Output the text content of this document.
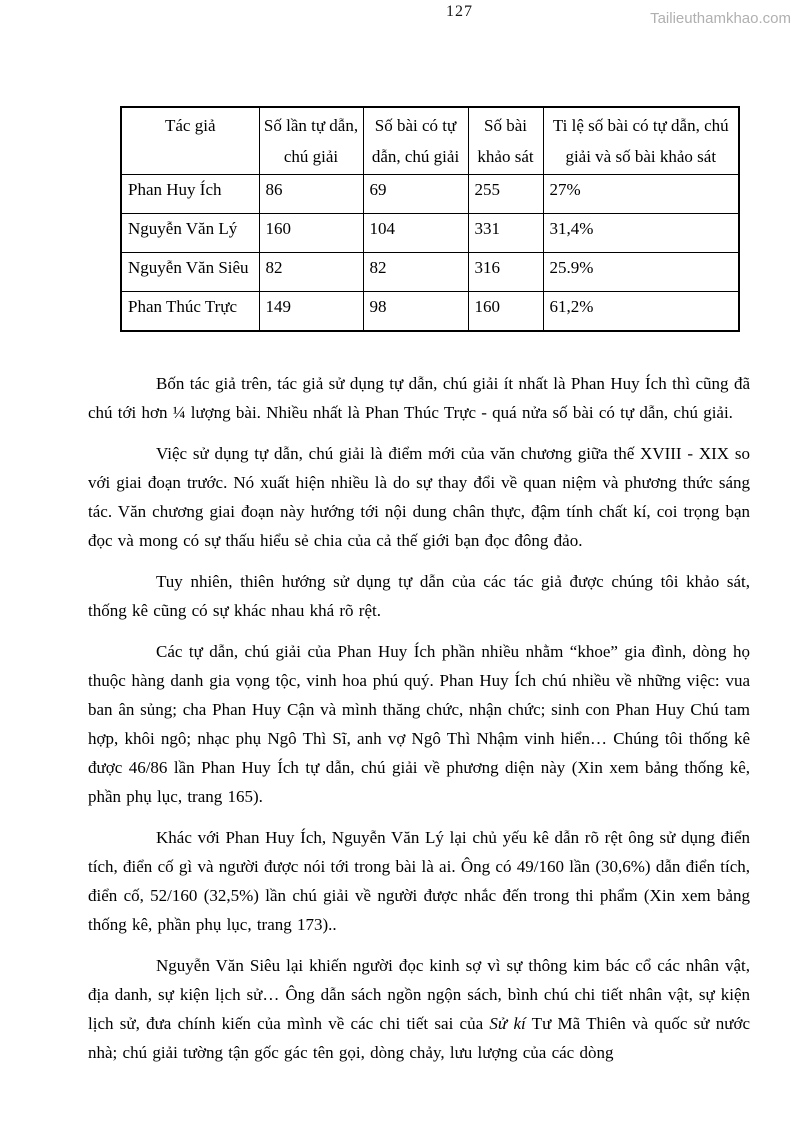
127	Tailieuthamkhao.com
Tác giả	Số lần tự dẫn, chú giải	Số bài có tự dẫn, chú giải	Số bài khảo sát	Ti lệ số bài có tự dẫn, chú giải và số bài khảo sát
Phan Huy Ích	86	69	255	27%
Nguyễn Văn Lý	160	104	331	31,4%
Nguyễn Văn Siêu	82	82	316	25.9%
Phan Thúc Trực	149	98	160	61,2%

Bốn tác giả trên, tác giả sử dụng tự dẫn, chú giải ít nhất là Phan Huy Ích thì cũng đã chú tới hơn ¼ lượng bài. Nhiều nhất là Phan Thúc Trực - quá nửa số bài có tự dẫn, chú giải.

Việc sử dụng tự dẫn, chú giải là điểm mới của văn chương giữa thế XVIII - XIX so với giai đoạn trước. Nó xuất hiện nhiều là do sự thay đổi về quan niệm và phương thức sáng tác. Văn chương giai đoạn này hướng tới nội dung chân thực, đậm tính chất kí, coi trọng bạn đọc và mong có sự thấu hiểu sẻ chia của cả thế giới bạn đọc đông đảo.

Tuy nhiên, thiên hướng sử dụng tự dẫn của các tác giả được chúng tôi khảo sát, thống kê cũng có sự khác nhau khá rõ rệt.

Các tự dẫn, chú giải của Phan Huy Ích phần nhiều nhằm “khoe” gia đình, dòng họ thuộc hàng danh gia vọng tộc, vinh hoa phú quý. Phan Huy Ích chú nhiều về những việc: vua ban ân sủng; cha Phan Huy Cận và mình thăng chức, nhận chức; sinh con Phan Huy Chú tam hợp, khôi ngô; nhạc phụ Ngô Thì Sĩ, anh vợ Ngô Thì Nhậm vinh hiển… Chúng tôi thống kê được 46/86 lần Phan Huy Ích tự dẫn, chú giải về phương diện này (Xin xem bảng thống kê, phần phụ lục, trang 165).

Khác với Phan Huy Ích, Nguyễn Văn Lý lại chủ yếu kê dẫn rõ rệt ông sử dụng điển tích, điển cố gì và người được nói tới trong bài là ai. Ông có 49/160 lần (30,6%) dẫn điển tích, điển cố, 52/160 (32,5%) lần chú giải về người được nhắc đến trong thi phẩm (Xin xem bảng thống kê, phần phụ lục, trang 173)..

Nguyễn Văn Siêu lại khiến người đọc kinh sợ vì sự thông kim bác cổ các nhân vật, địa danh, sự kiện lịch sử… Ông dẫn sách ngồn ngộn sách, bình chú chi tiết nhân vật, sự kiện lịch sử, đưa chính kiến của mình về các chi tiết sai của Sử kí Tư Mã Thiên và quốc sử nước nhà; chú giải tường tận gốc gác tên gọi, dòng chảy, lưu lượng của các dòng
